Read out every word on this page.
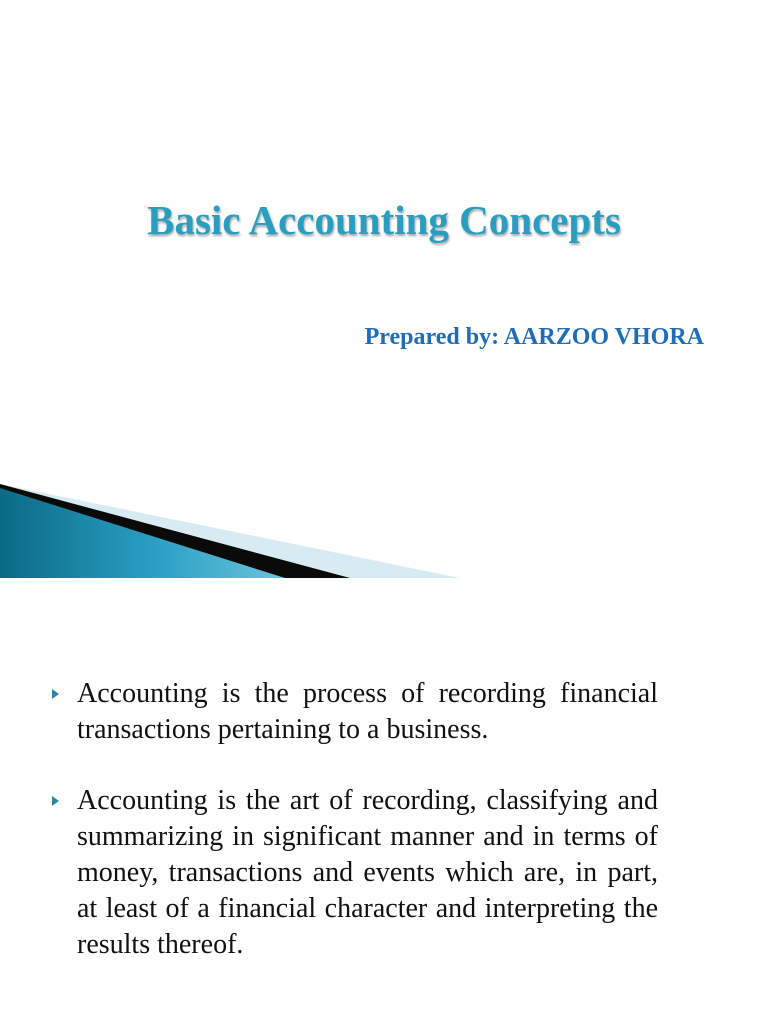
Basic Accounting Concepts
Prepared by: AARZOO VHORA
Accounting is the process of recording financial transactions pertaining to a business.
Accounting is the art of recording, classifying and summarizing in significant manner and in terms of money, transactions and events which are, in part, at least of a financial character and interpreting the results thereof.
